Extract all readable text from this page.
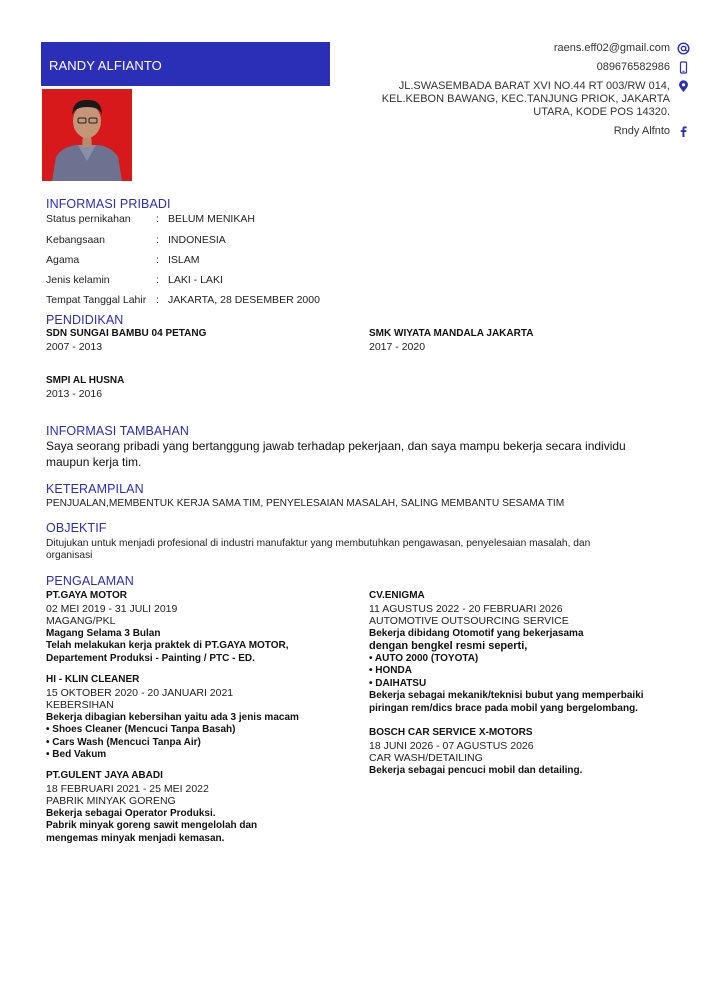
RANDY ALFIANTO
raens.eff02@gmail.com
089676582986
JL.SWASEMBADA BARAT XVI NO.44 RT 003/RW 014,
KEL.KEBON BAWANG, KEC.TANJUNG PRIOK, JAKARTA
UTARA, KODE POS 14320.
Rndy Alfnto
INFORMASI PRIBADI
Status pernikahan : BELUM MENIKAH
Kebangsaan	: INDONESIA
Agama	: ISLAM
Jenis kelamin	: LAKI - LAKI
Tempat Tanggal Lahir : JAKARTA, 28 DESEMBER 2000
PENDIDIKAN
SDN SUNGAI BAMBU 04 PETANG
2007 - 2013
SMK WIYATA MANDALA JAKARTA
2017 - 2020
SMPI AL HUSNA
2013 - 2016
INFORMASI TAMBAHAN
Saya seorang pribadi yang bertanggung jawab terhadap pekerjaan, dan saya mampu bekerja secara individu
maupun kerja tim.
KETERAMPILAN
PENJUALAN,MEMBENTUK KERJA SAMA TIM, PENYELESAIAN MASALAH, SALING MEMBANTU SESAMA TIM
OBJEKTIF
Ditujukan untuk menjadi profesional di industri manufaktur yang membutuhkan pengawasan, penyelesaian masalah, dan
organisasi
PENGALAMAN
PT.GAYA MOTOR
02 MEI 2019 - 31 JULI 2019
MAGANG/PKL
Magang Selama 3 Bulan
Telah melakukan kerja praktek di PT.GAYA MOTOR,
Departement Produksi - Painting / PTC - ED.
HI - KLIN CLEANER
15 OKTOBER 2020 - 20 JANUARI 2021
KEBERSIHAN
Bekerja dibagian kebersihan yaitu ada 3 jenis macam
• Shoes Cleaner (Mencuci Tanpa Basah)
• Cars Wash (Mencuci Tanpa Air)
• Bed Vakum
PT.GULENT JAYA ABADI
18 FEBRUARI 2021 - 25 MEI 2022
PABRIK MINYAK GORENG
Bekerja sebagai Operator Produksi.
Pabrik minyak goreng sawit mengelolah dan
mengemas minyak menjadi kemasan.
CV.ENIGMA
11 AGUSTUS 2022 - 20 FEBRUARI 2026
AUTOMOTIVE OUTSOURCING SERVICE
Bekerja dibidang Otomotif yang bekerjasama
dengan bengkel resmi seperti,
• AUTO 2000 (TOYOTA)
• HONDA
• DAIHATSU
Bekerja sebagai mekanik/teknisi bubut yang memperbaiki
piringan rem/dics brace pada mobil yang bergelombang.
BOSCH CAR SERVICE X-MOTORS
18 JUNI 2026 - 07 AGUSTUS 2026
CAR WASH/DETAILING
Bekerja sebagai pencuci mobil dan detailing.
